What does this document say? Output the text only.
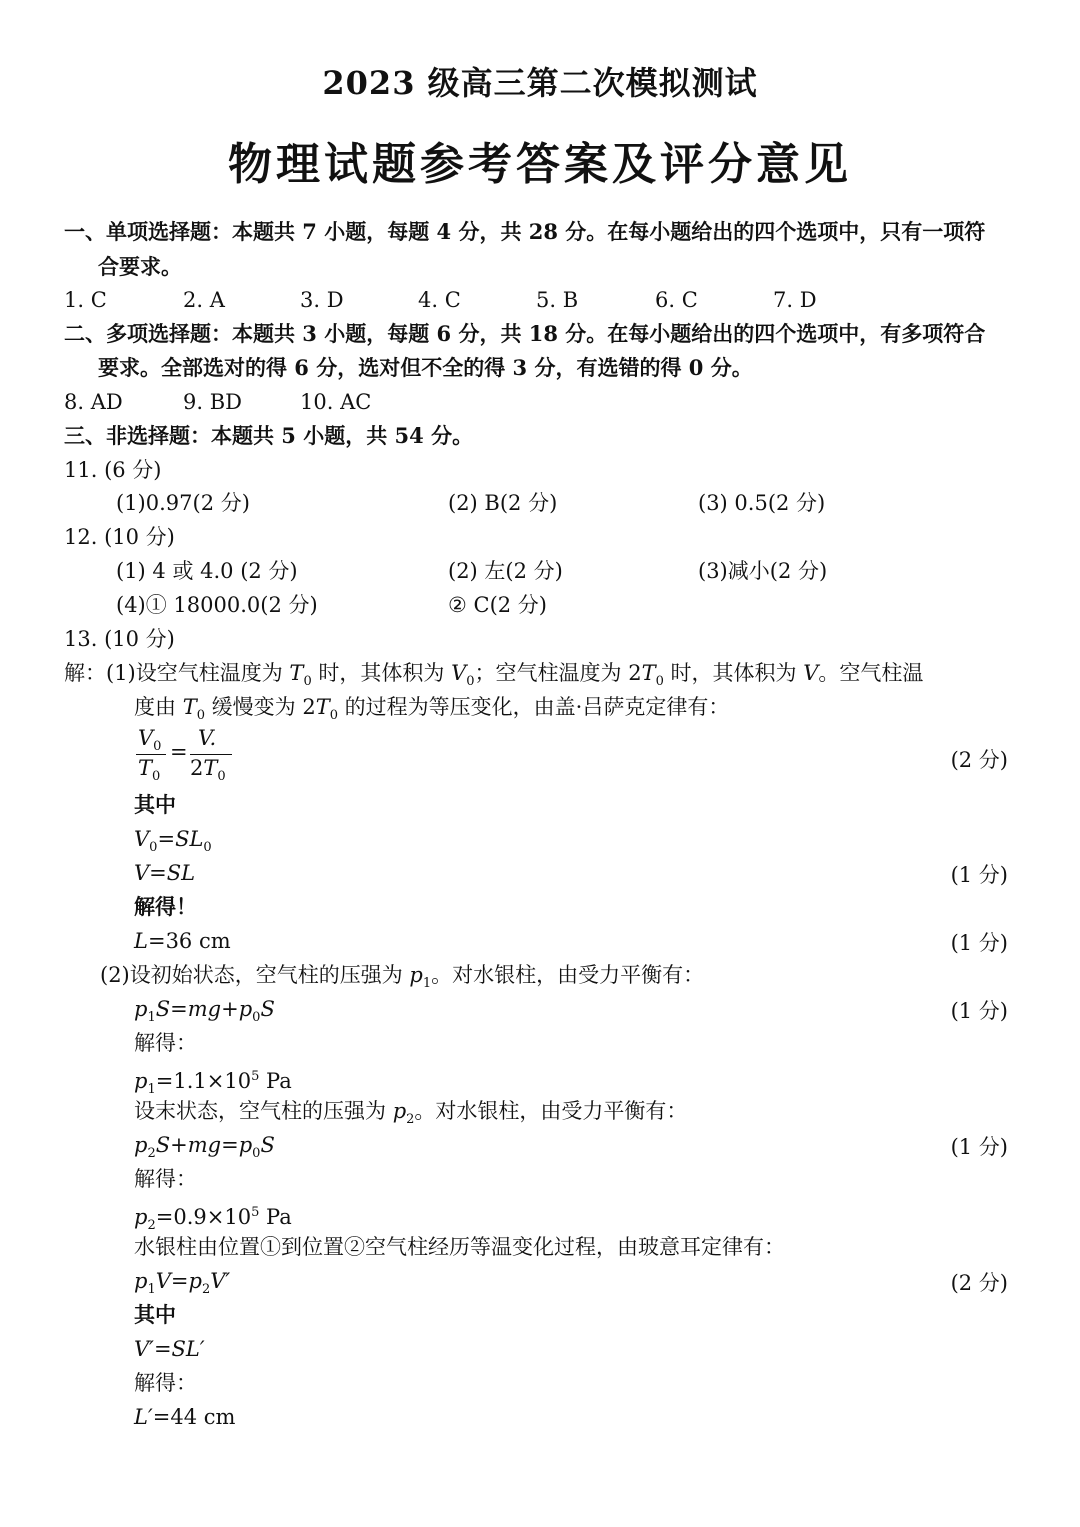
2023 级高三第二次模拟测试
物理试题参考答案及评分意见
一、单项选择题：本题共 7 小题，每题 4 分，共 28 分。在每小题给出的四个选项中，只有一项符
合要求。
1. C	2. A	3. D	4. C	5. B	6. C	7. D
二、多项选择题：本题共 3 小题，每题 6 分，共 18 分。在每小题给出的四个选项中，有多项符合
要求。全部选对的得 6 分，选对但不全的得 3 分，有选错的得 0 分。
8. AD	9. BD	10. AC
三、非选择题：本题共 5 小题，共 54 分。
11. (6 分)
(1)0.97(2 分)	(2) B(2 分)	(3) 0.5(2 分)
12. (10 分)
(1) 4 或 4.0 (2 分)	(2) 左(2 分)	(3)减小(2 分)
(4)① 18000.0(2 分)	② C(2 分)
13. (10 分)
解：(1)设空气柱温度为 $T_0$ 时，其体积为 $V_0$；空气柱温度为 $2T_0$ 时，其体积为 V。空气柱温
度由 $T_0$ 缓慢变为 $2T_0$ 的过程为等压变化，由盖·吕萨克定律有：
$V_0$
$T_0$
=
V.
$2T_0$
(2 分)
其中
$V_0=SL_0$
V=SL	(1 分)
解得！
L=36 cm	(1 分)
(2)设初始状态，空气柱的压强为 $p_1$。对水银柱，由受力平衡有：
$p_1S=mg+p_0S$	(1 分)
解得：
$p_1=1.1\times 10^5$ Pa
设末状态，空气柱的压强为 $p_2$。对水银柱，由受力平衡有：
$p_2S+mg=p_0S$	(1 分)
解得：
$p_2=0.9\times 10^5$ Pa
水银柱由位置①到位置②空气柱经历等温变化过程，由玻意耳定律有：
$p_1V=p_2V'$	(2 分)
其中
V′=SL′
解得：
L′=44 cm
